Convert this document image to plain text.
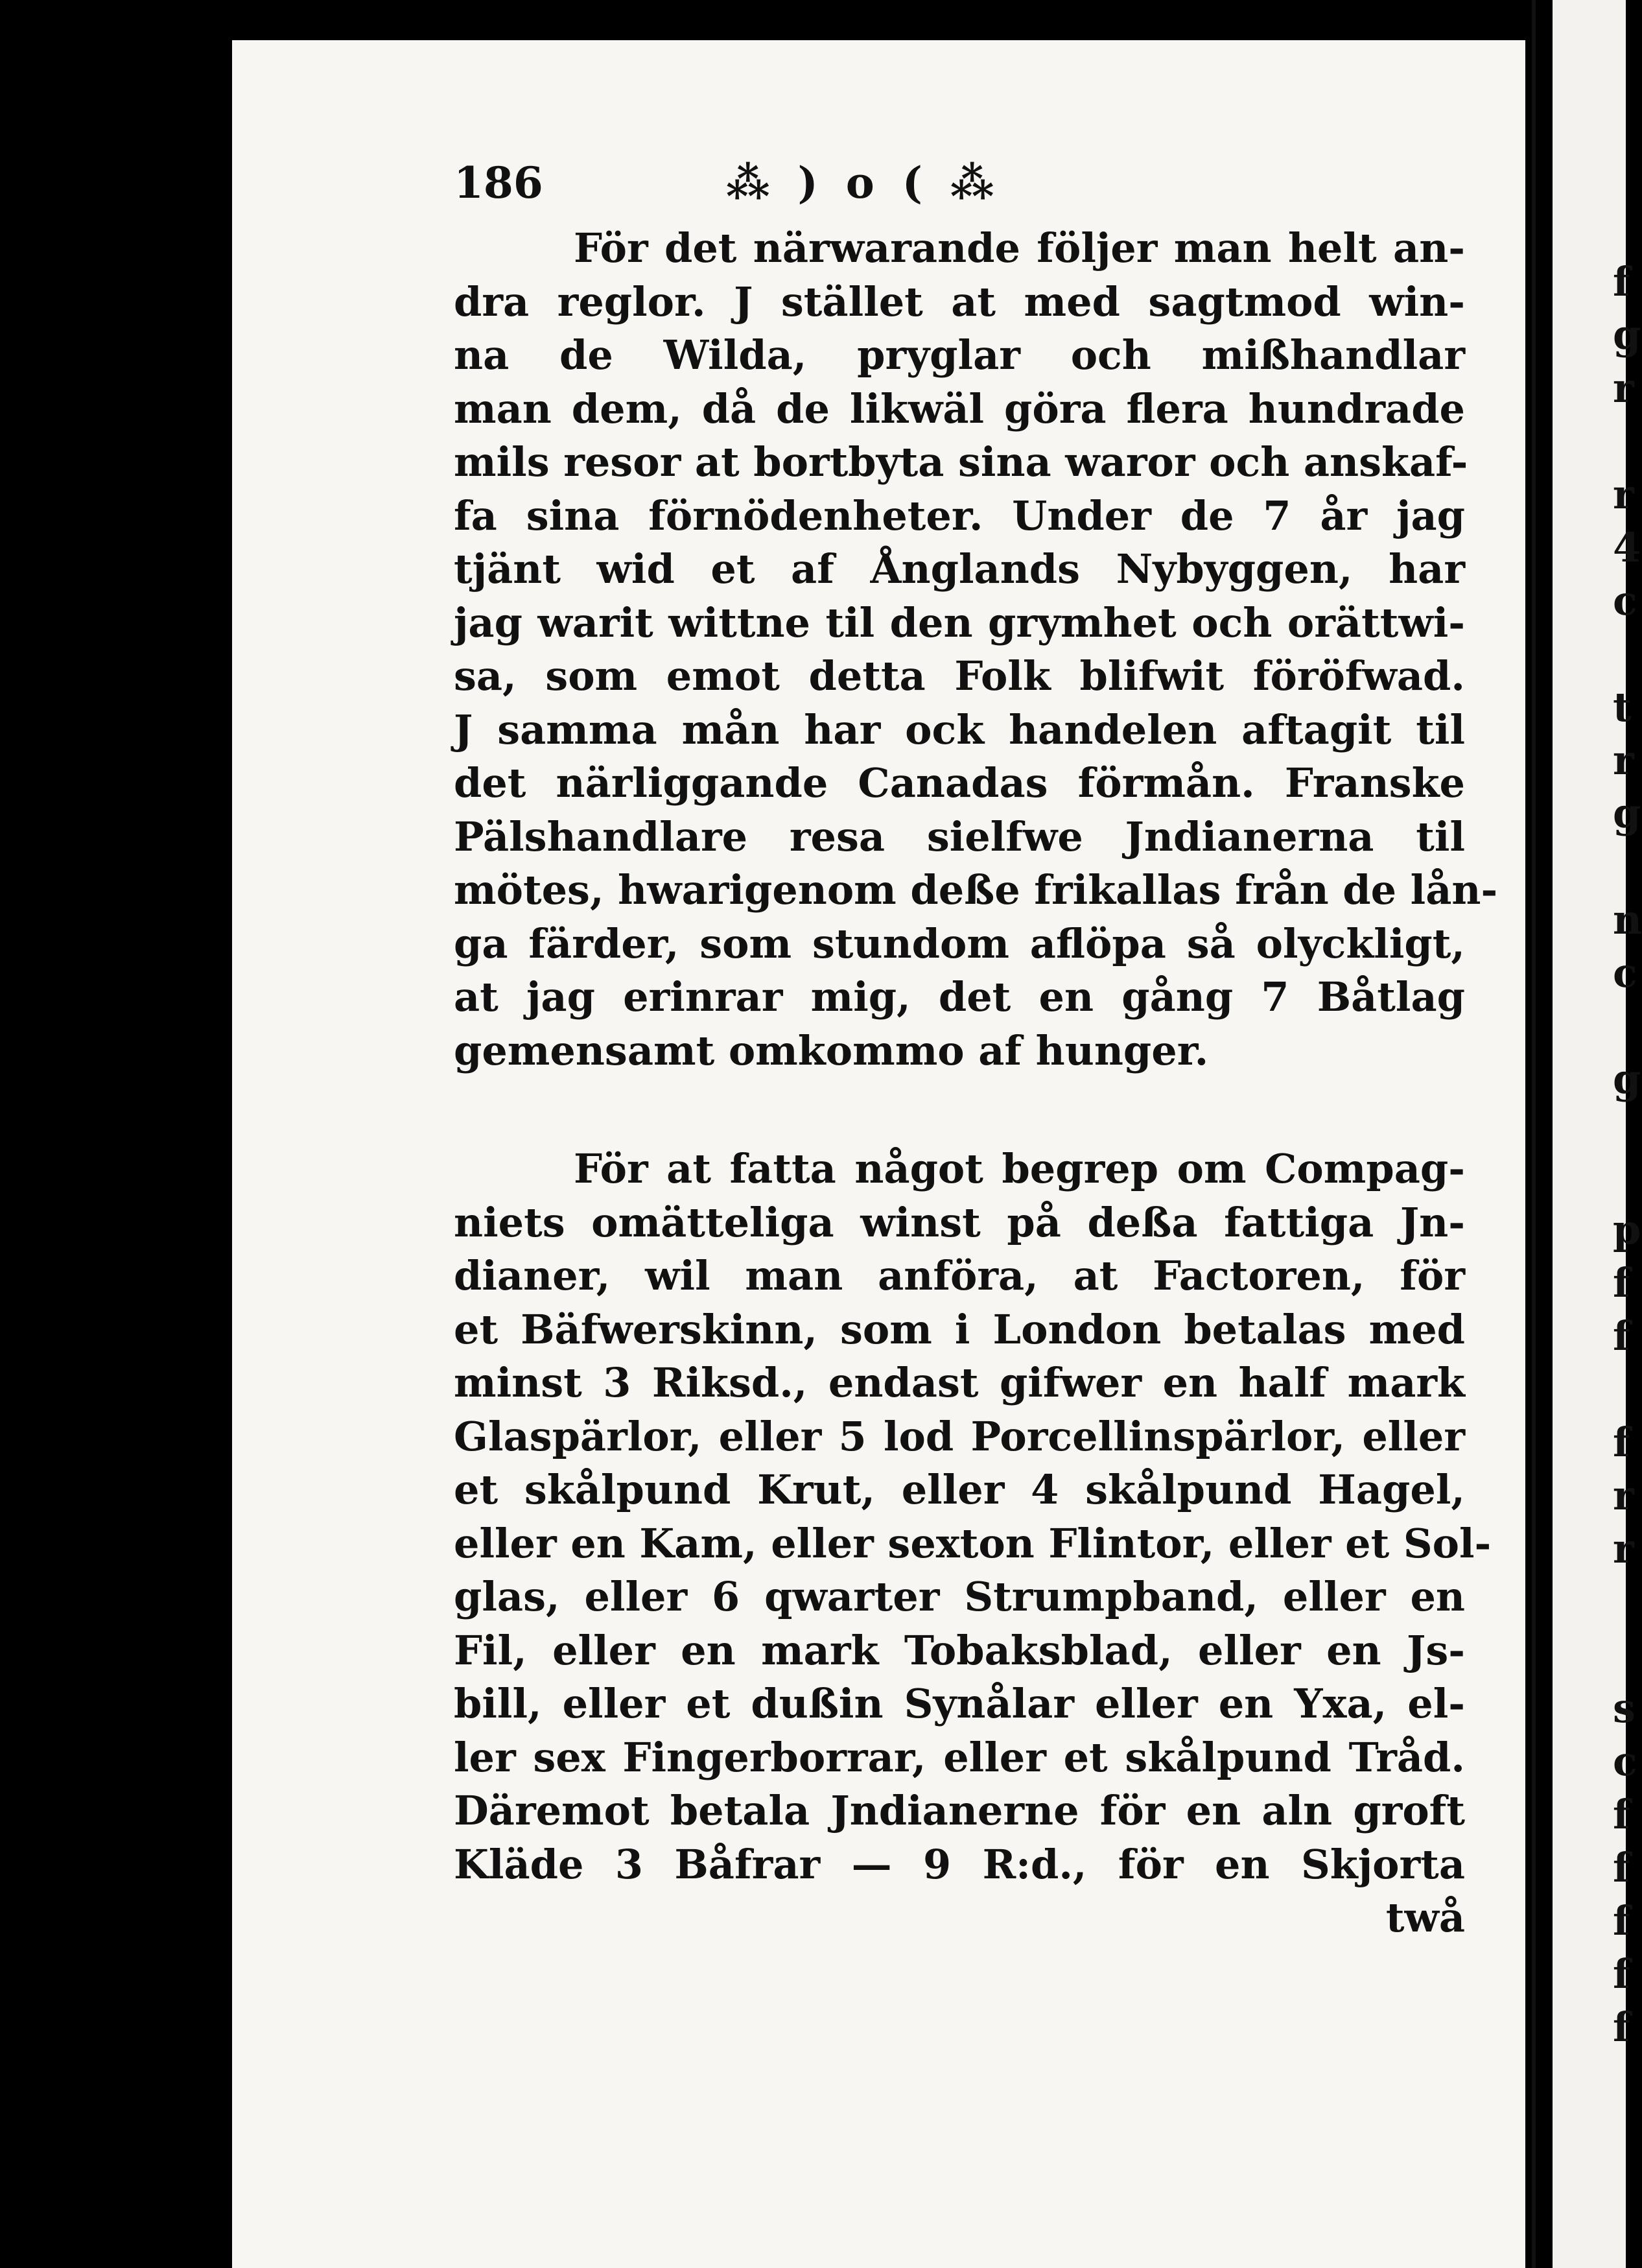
186	⁂ ) o ( ⁂
För det närwarande följer man helt an-
dra reglor. J stället at med sagtmod win-
na de Wilda, pryglar och mißhandlar
man dem, då de likwäl göra flera hundrade
mils resor at bortbyta sina waror och anskaf-
fa sina förnödenheter. Under de 7 år jag
tjänt wid et af Ånglands Nybyggen, har
jag warit wittne til den grymhet och orättwi-
sa, som emot detta Folk blifwit föröfwad.
J samma mån har ock handelen aftagit til
det närliggande Canadas förmån. Franske
Pälshandlare resa sielfwe Jndianerna til
mötes, hwarigenom deße frikallas från de lån-
ga färder, som stundom aflöpa så olyckligt,
at jag erinrar mig, det en gång 7 Båtlag
gemensamt omkommo af hunger.
För at fatta något begrep om Compag-
niets omätteliga winst på deßa fattiga Jn-
dianer, wil man anföra, at Factoren, för
et Bäfwerskinn, som i London betalas med
minst 3 Riksd., endast gifwer en half mark
Glaspärlor, eller 5 lod Porcellinspärlor, eller
et skålpund Krut, eller 4 skålpund Hagel,
eller en Kam, eller sexton Flintor, eller et Sol-
glas, eller 6 qwarter Strumpband, eller en
Fil, eller en mark Tobaksblad, eller en Js-
bill, eller et dußin Synålar eller en Yxa, el-
ler sex Fingerborrar, eller et skålpund Tråd.
Däremot betala Jndianerne för en aln groft
Kläde 3 Båfrar — 9 R:d., för en Skjorta
twå
f
g
r
r
4
c
t
r
g
n
c
g
p
f
f
f
r
r
s
c
f
f
f
f
f
